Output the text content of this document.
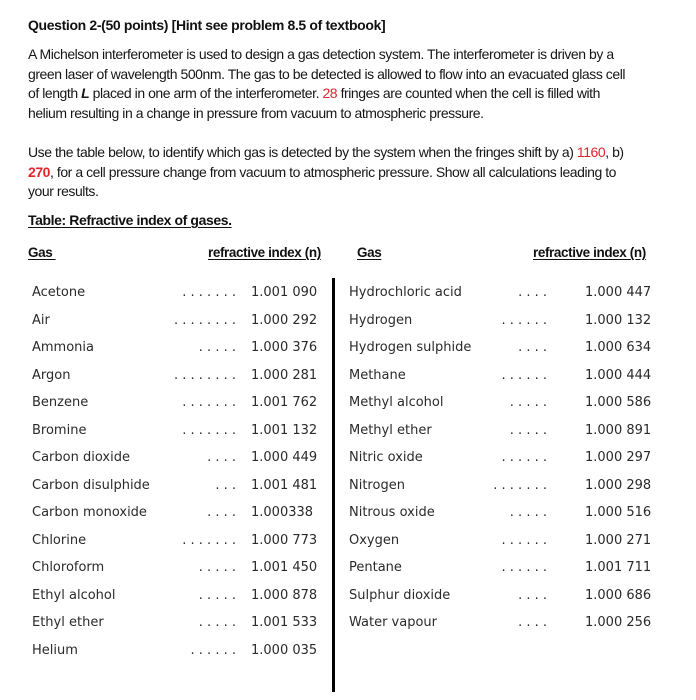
Question 2-(50 points) [Hint see problem 8.5 of textbook]
A Michelson interferometer is used to design a gas detection system. The interferometer is driven by a
green laser of wavelength 500nm. The gas to be detected is allowed to flow into an evacuated glass cell
of length L placed in one arm of the interferometer. 28 fringes are counted when the cell is filled with
helium resulting in a change in pressure from vacuum to atmospheric pressure.
Use the table below, to identify which gas is detected by the system when the fringes shift by a) 1160, b)
270, for a cell pressure change from vacuum to atmospheric pressure. Show all calculations leading to
your results.
Table: Refractive index of gases.
Gas	refractive index (n)	Gas	refractive index (n)
Acetone	. . . . . . . 1.001 090
Air	. . . . . . . . 1.000 292
Ammonia	. . . . . 1.000 376
Argon	. . . . . . . . 1.000 281
Benzene	. . . . . . . 1.001 762
Bromine	. . . . . . . 1.001 132
Carbon dioxide	. . . . 1.000 449
Carbon disulphide	. . . 1.001 481
Carbon monoxide	. . . . 1.000338
Chlorine	. . . . . . . 1.000 773
Chloroform	. . . . . 1.001 450
Ethyl alcohol	. . . . . 1.000 878
Ethyl ether	. . . . . 1.001 533
Helium	. . . . . . 1.000 035
Hydrochloric acid	. . . .	1.000 447
Hydrogen	. . . . . .	1.000 132
Hydrogen sulphide	. . . .	1.000 634
Methane	. . . . . .	1.000 444
Methyl alcohol	. . . . .	1.000 586
Methyl ether	. . . . .	1.000 891
Nitric oxide	. . . . . .	1.000 297
Nitrogen	. . . . . . .	1.000 298
Nitrous oxide	. . . . .	1.000 516
Oxygen	. . . . . .	1.000 271
Pentane	. . . . . .	1.001 711
Sulphur dioxide	. . . .	1.000 686
Water vapour	. . . .	1.000 256
